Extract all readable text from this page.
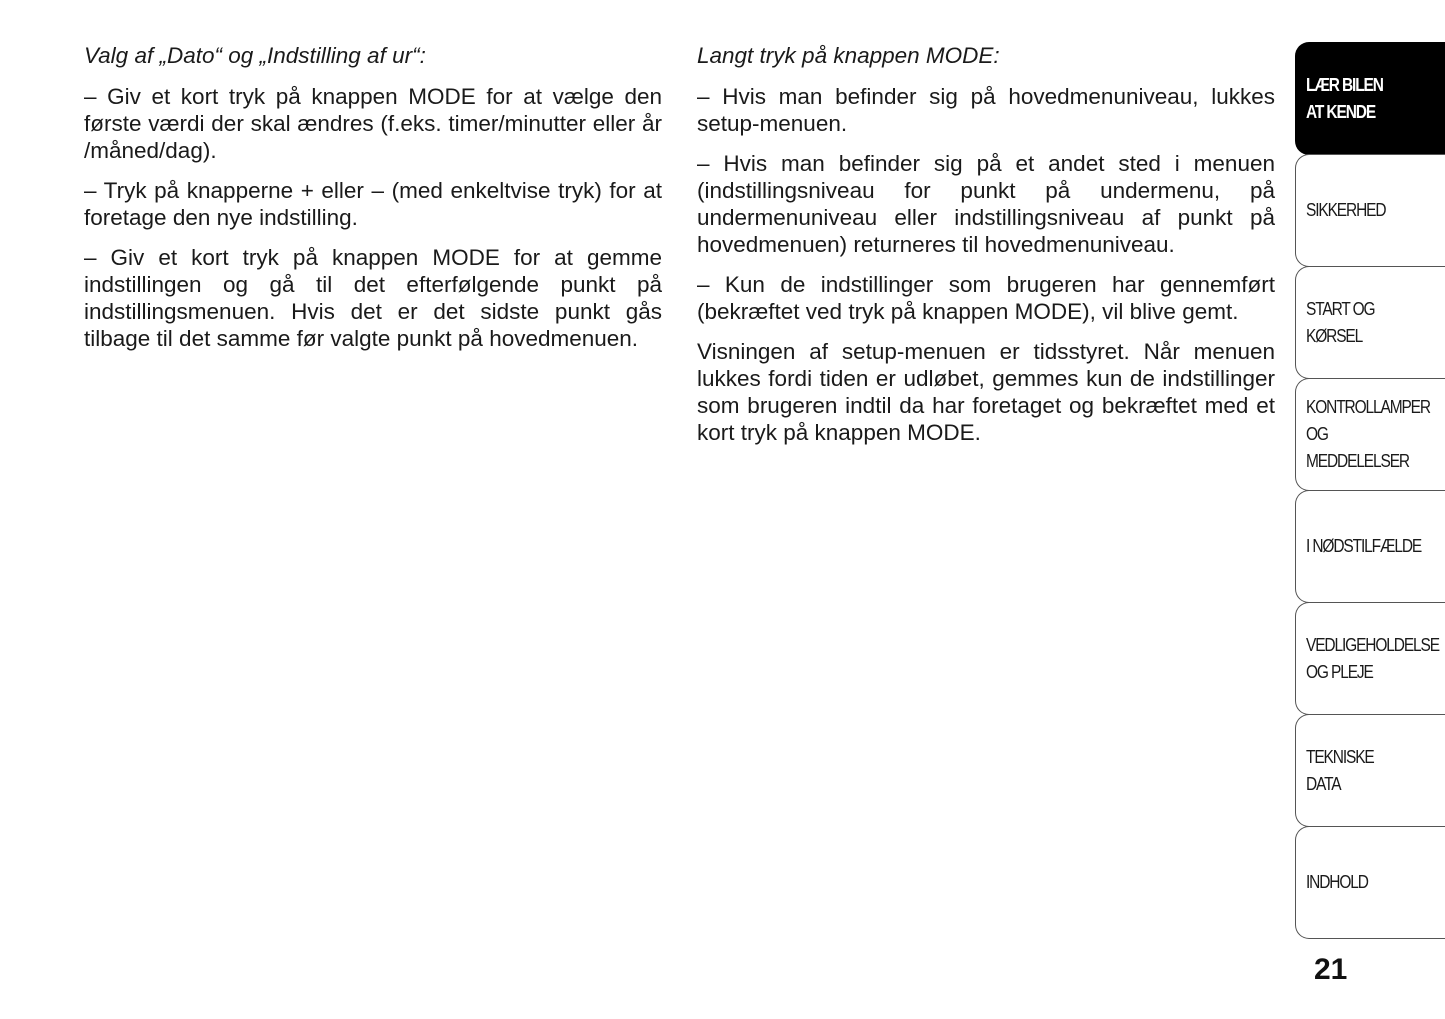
Valg af „Dato“ og „Indstilling af ur“:

– Giv et kort tryk på knappen MODE for at vælge den første værdi der skal ændres (f.eks. timer/minutter eller år /måned/dag).

– Tryk på knapperne + eller – (med enkeltvise tryk) for at foretage den nye indstilling.

– Giv et kort tryk på knappen MODE for at gemme indstillingen og gå til det efterfølgende punkt på indstillingsmenuen. Hvis det er det sidste punkt gås tilbage til det samme før valgte punkt på hovedmenuen.

Langt tryk på knappen MODE:

– Hvis man befinder sig på hovedmenuniveau, lukkes setup-menuen.

– Hvis man befinder sig på et andet sted i menuen (indstillingsniveau for punkt på undermenu, på undermenuniveau eller indstillingsniveau af punkt på hovedmenuen) returneres til hovedmenuniveau.

– Kun de indstillinger som brugeren har gennemført (bekræftet ved tryk på knappen MODE), vil blive gemt.

Visningen af setup-menuen er tidsstyret. Når menuen lukkes fordi tiden er udløbet, gemmes kun de indstillinger som brugeren indtil da har foretaget og bekræftet med et kort tryk på knappen MODE.

LÆR BILEN
AT KENDE
SIKKERHED
START OG
KØRSEL
KONTROLLAMPER
OG MEDDELELSER
I NØDSTILFÆLDE
VEDLIGEHOLDELSE
OG PLEJE
TEKNISKE
DATA
INDHOLD
21
